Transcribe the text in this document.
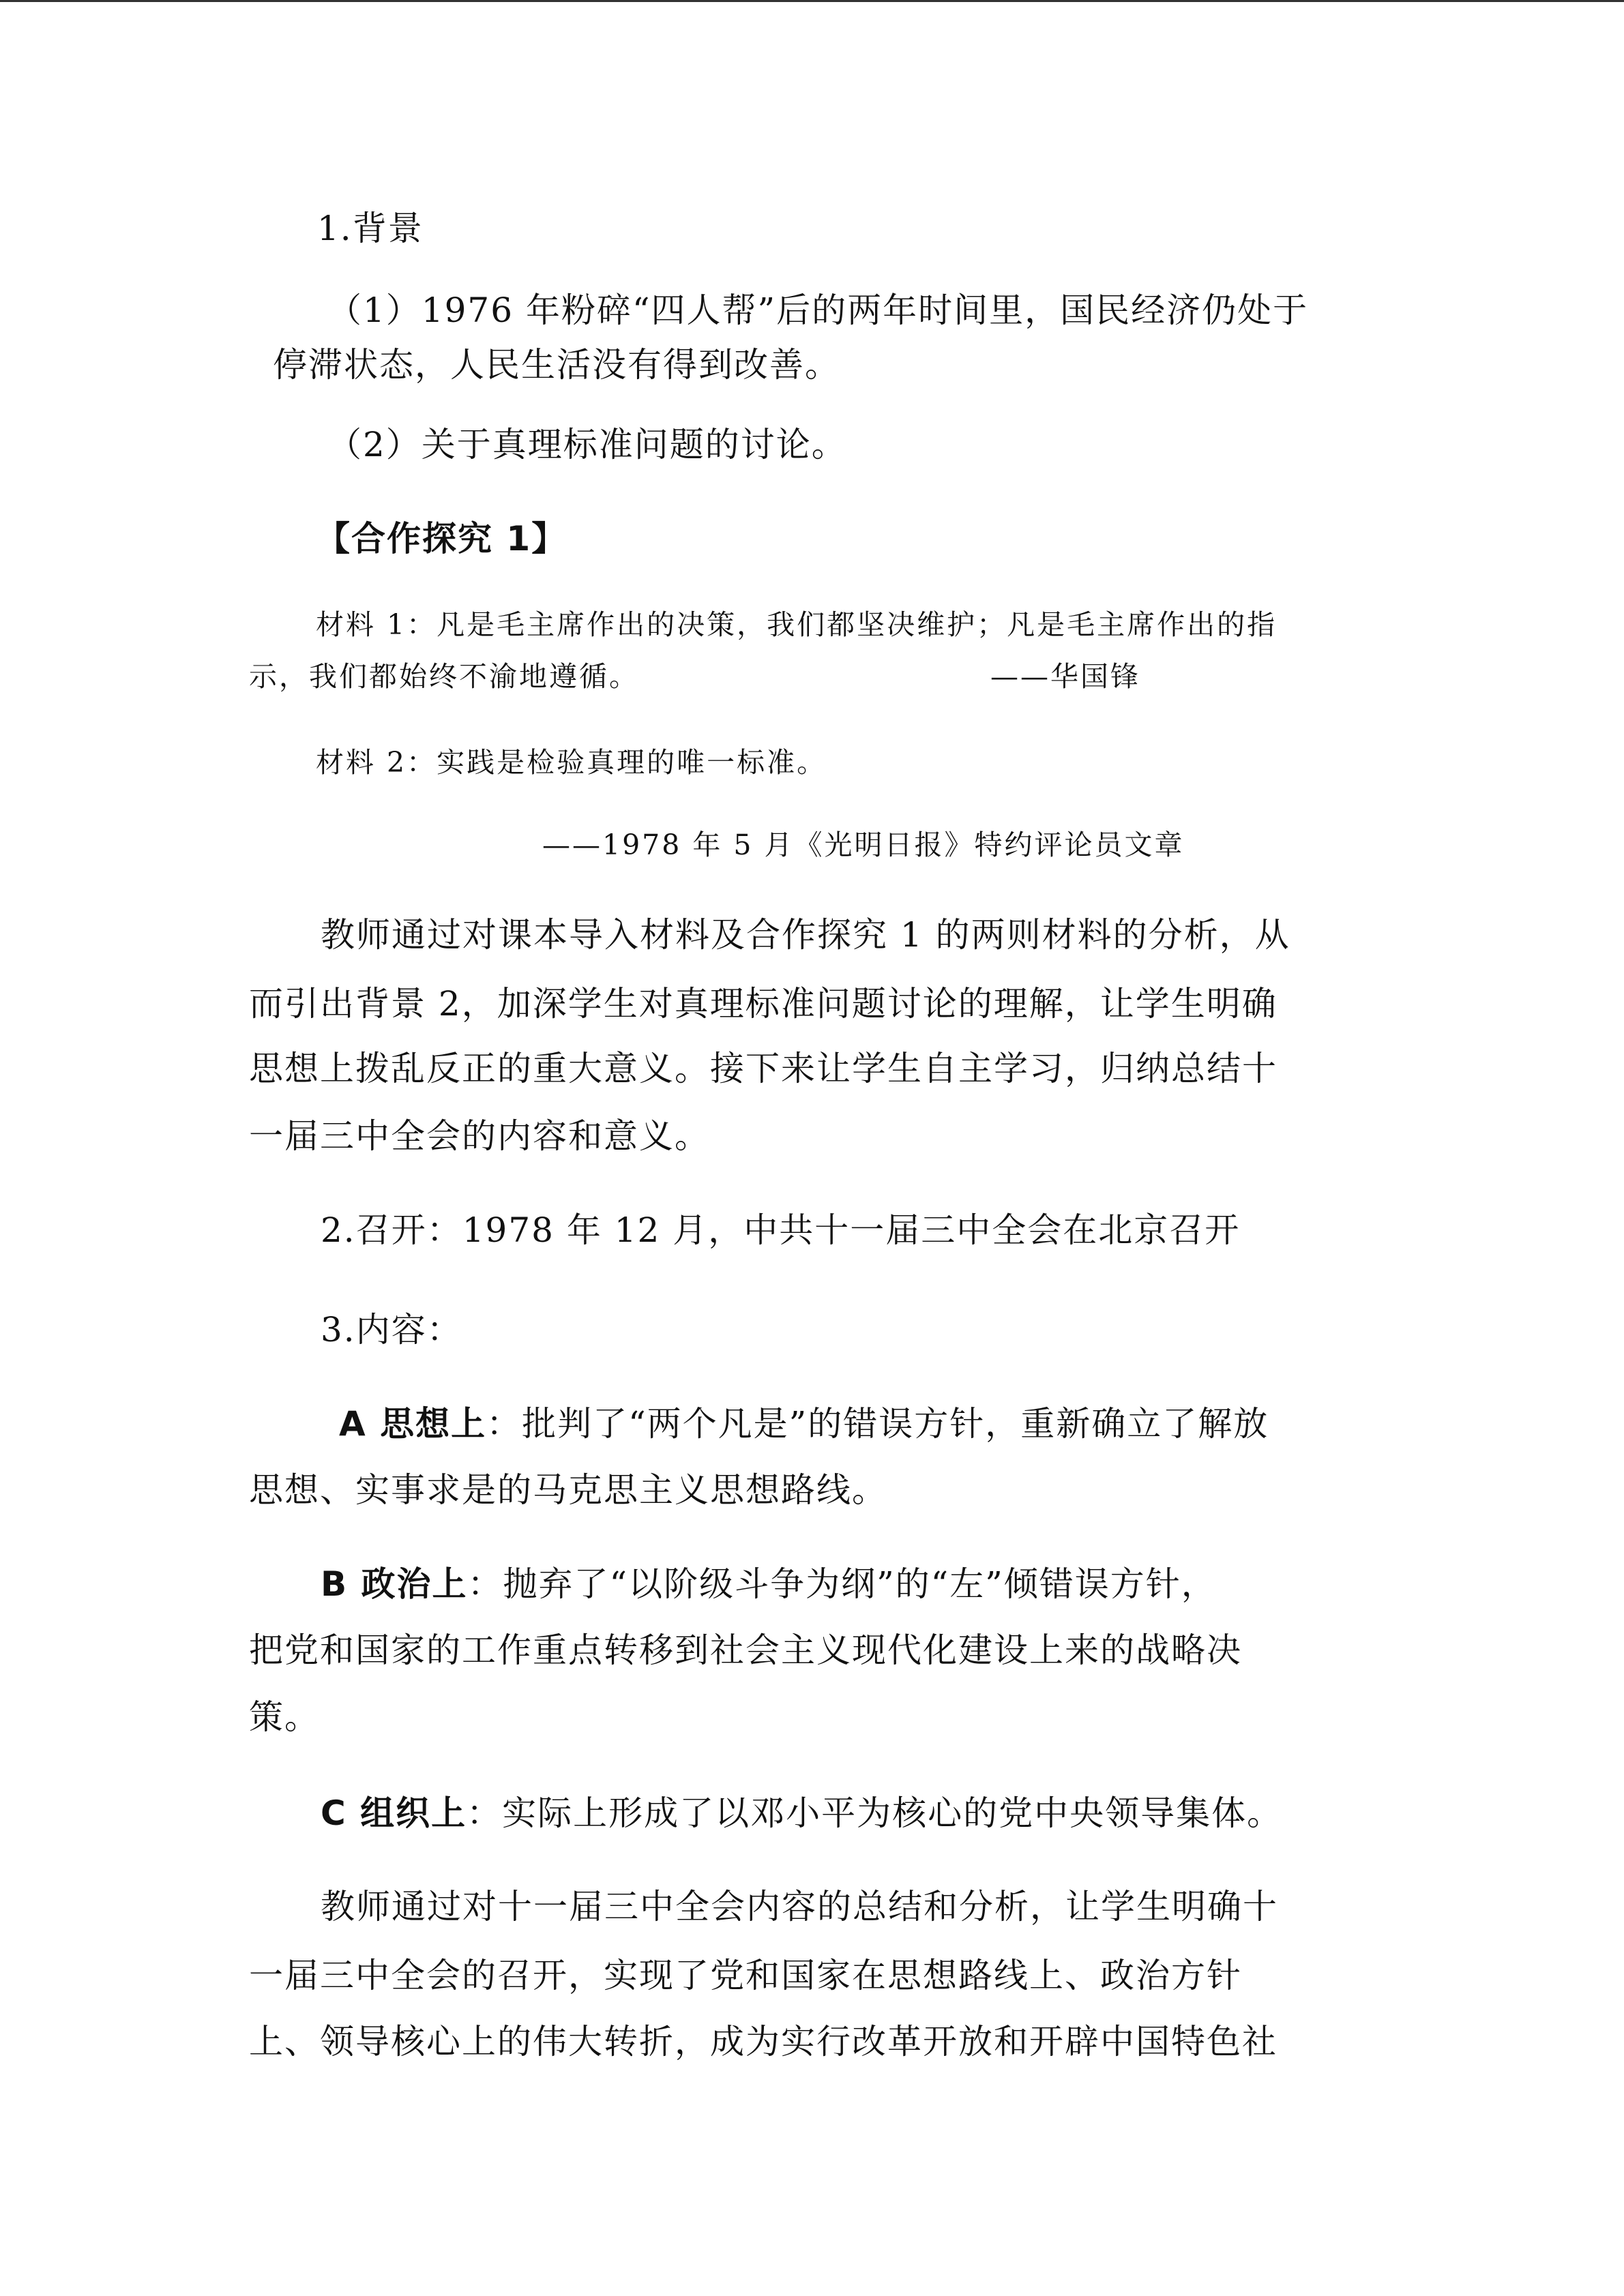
1.背景
（1）1976 年粉碎“四人帮”后的两年时间里，国民经济仍处于
停滞状态，人民生活没有得到改善。
（2）关于真理标准问题的讨论。
【合作探究 1】
材料 1：凡是毛主席作出的决策，我们都坚决维护；凡是毛主席作出的指
示，我们都始终不渝地遵循。	——华国锋
材料 2：实践是检验真理的唯一标准。
——1978 年 5 月《光明日报》特约评论员文章
教师通过对课本导入材料及合作探究 1 的两则材料的分析，从
而引出背景 2，加深学生对真理标准问题讨论的理解，让学生明确
思想上拨乱反正的重大意义。接下来让学生自主学习，归纳总结十
一届三中全会的内容和意义。
2.召开：1978 年 12 月，中共十一届三中全会在北京召开
3.内容：
A 思想上：批判了“两个凡是”的错误方针，重新确立了解放
思想、实事求是的马克思主义思想路线。
B 政治上：抛弃了“以阶级斗争为纲”的“左”倾错误方针，
把党和国家的工作重点转移到社会主义现代化建设上来的战略决
策。
C 组织上：实际上形成了以邓小平为核心的党中央领导集体。
教师通过对十一届三中全会内容的总结和分析，让学生明确十
一届三中全会的召开，实现了党和国家在思想路线上、政治方针
上、领导核心上的伟大转折，成为实行改革开放和开辟中国特色社
